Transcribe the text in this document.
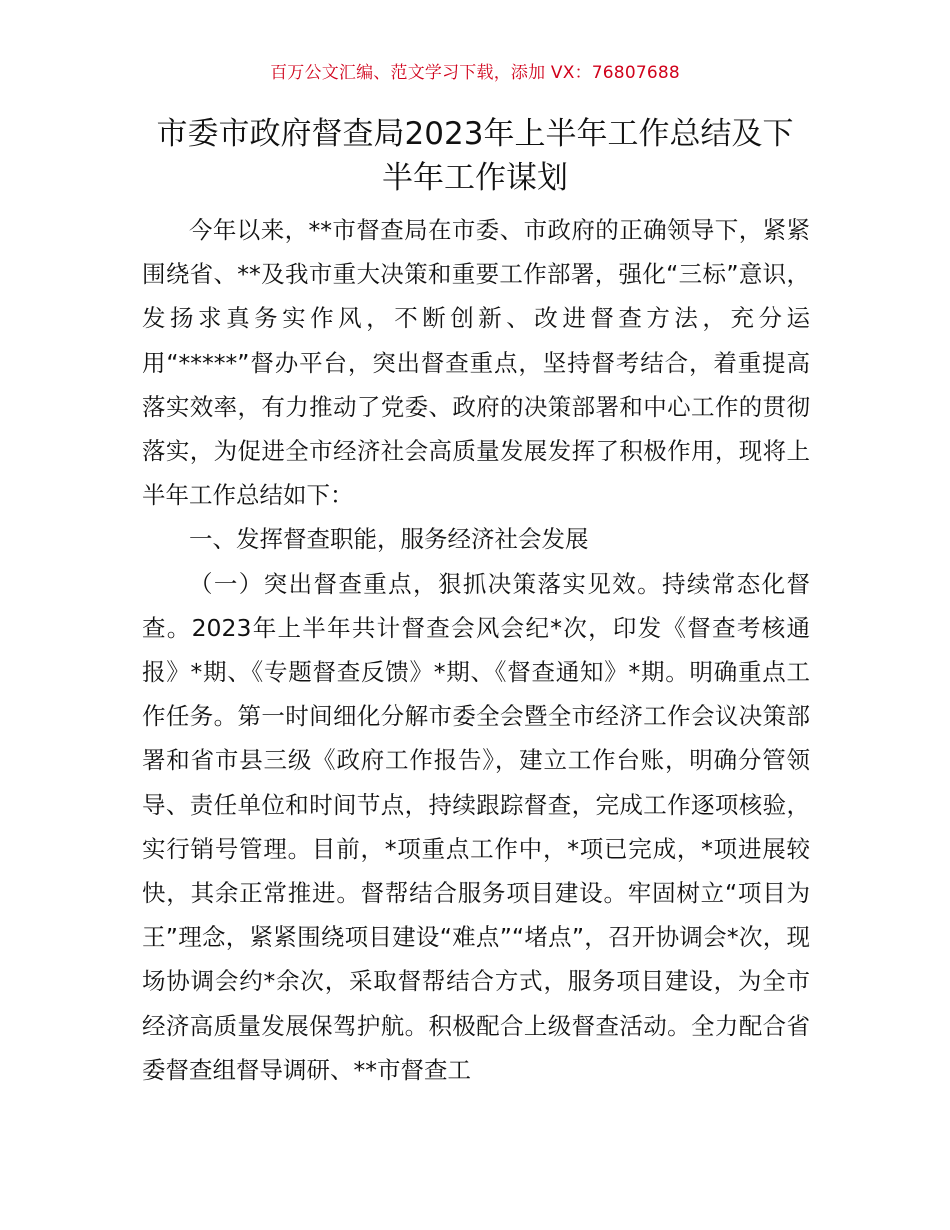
百万公文汇编、范文学习下载，添加 VX：76807688
市委市政府督查局2023年上半年工作总结及下半年工作谋划

今年以来，**市督查局在市委、市政府的正确领导下，紧紧围绕省、**及我市重大决策和重要工作部署，强化“三标”意识，发扬求真务实作风，不断创新、改进督查方法，充分运用“*****”督办平台，突出督查重点，坚持督考结合，着重提高落实效率，有力推动了党委、政府的决策部署和中心工作的贯彻落实，为促进全市经济社会高质量发展发挥了积极作用，现将上半年工作总结如下：

一、发挥督查职能，服务经济社会发展

（一）突出督查重点，狠抓决策落实见效。持续常态化督查。2023年上半年共计督查会风会纪*次，印发《督查考核通报》*期、《专题督查反馈》*期、《督查通知》*期。明确重点工作任务。第一时间细化分解市委全会暨全市经济工作会议决策部署和省市县三级《政府工作报告》，建立工作台账，明确分管领导、责任单位和时间节点，持续跟踪督查，完成工作逐项核验，实行销号管理。目前，*项重点工作中，*项已完成，*项进展较快，其余正常推进。督帮结合服务项目建设。牢固树立“项目为王”理念，紧紧围绕项目建设“难点”“堵点”，召开协调会*次，现场协调会约*余次，采取督帮结合方式，服务项目建设，为全市经济高质量发展保驾护航。积极配合上级督查活动。全力配合省委督查组督导调研、**市督查工
